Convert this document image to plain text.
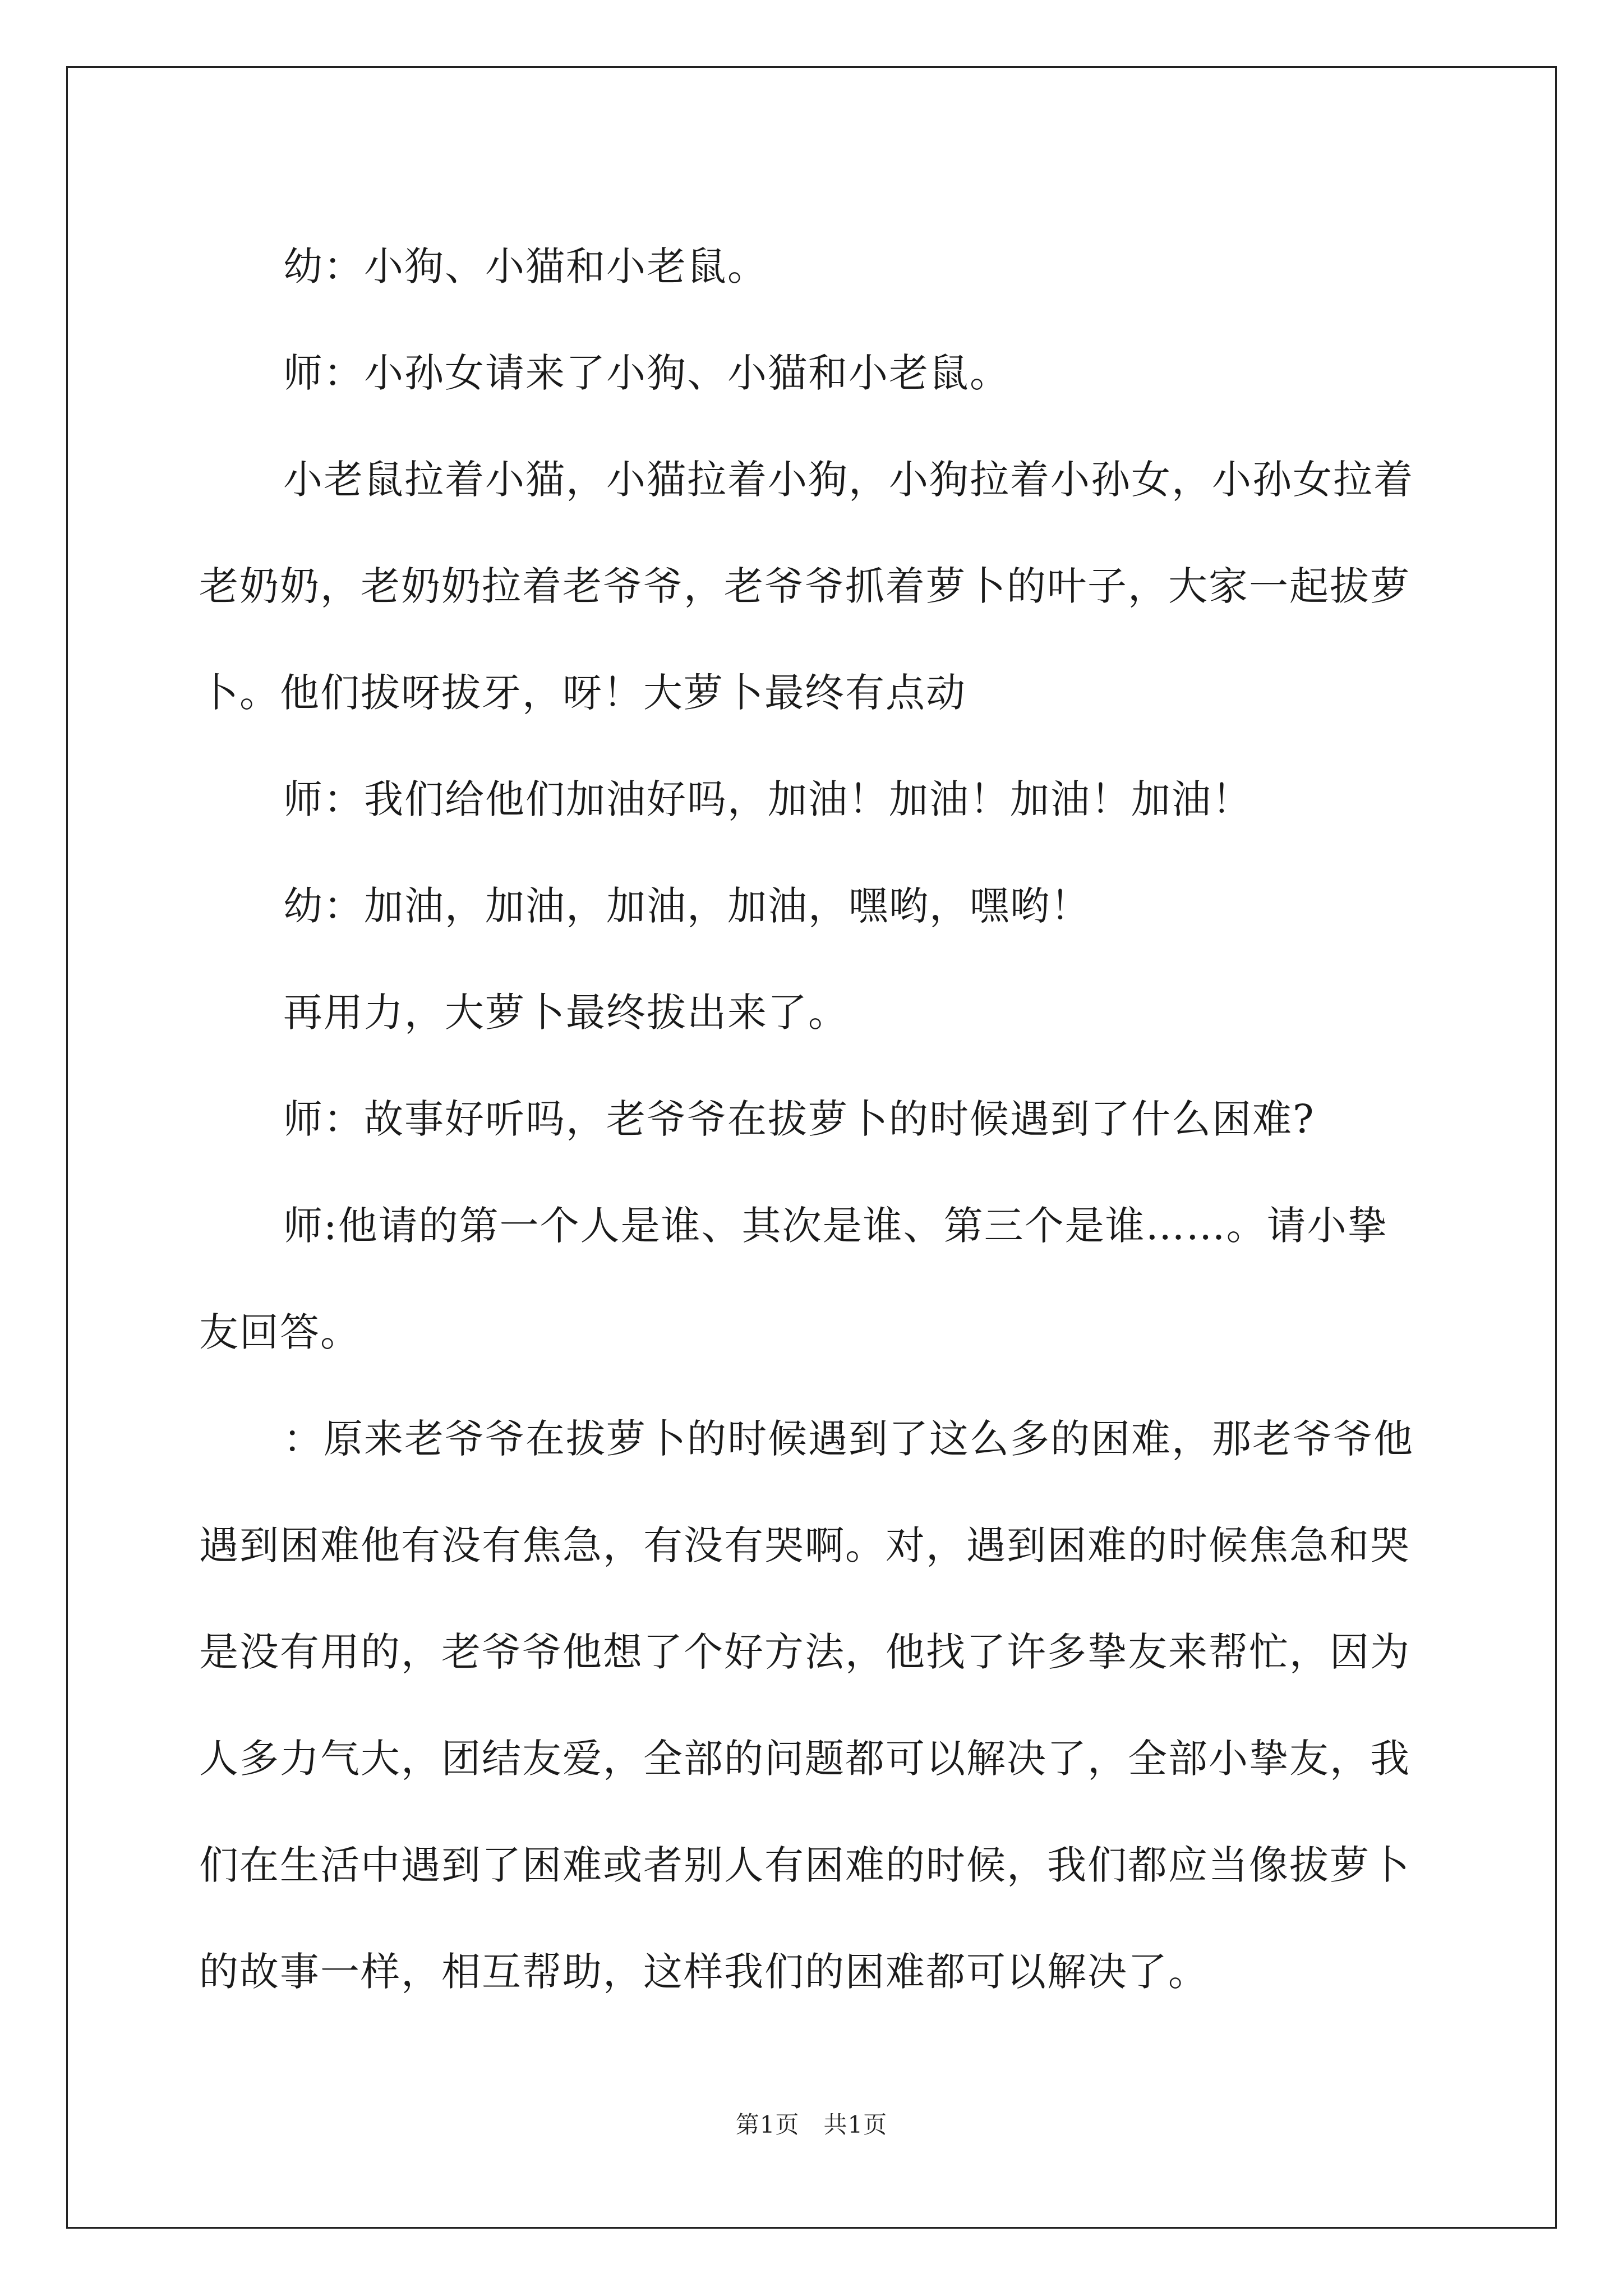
幼：小狗、小猫和小老鼠。

师：小孙女请来了小狗、小猫和小老鼠。

小老鼠拉着小猫，小猫拉着小狗，小狗拉着小孙女，小孙女拉着老奶奶，老奶奶拉着老爷爷，老爷爷抓着萝卜的叶子，大家一起拔萝卜。他们拔呀拔牙，呀！大萝卜最终有点动

师：我们给他们加油好吗，加油！加油！加油！加油！

幼：加油，加油，加油，加油，嘿哟，嘿哟！

再用力，大萝卜最终拔出来了。

师：故事好听吗，老爷爷在拔萝卜的时候遇到了什么困难?

师:他请的第一个人是谁、其次是谁、第三个是谁……。请小挚友回答。

：原来老爷爷在拔萝卜的时候遇到了这么多的困难，那老爷爷他遇到困难他有没有焦急，有没有哭啊。对，遇到困难的时候焦急和哭是没有用的，老爷爷他想了个好方法，他找了许多挚友来帮忙，因为人多力气大，团结友爱，全部的问题都可以解决了，全部小挚友，我们在生活中遇到了困难或者别人有困难的时候，我们都应当像拔萝卜的故事一样，相互帮助，这样我们的困难都可以解决了。

第1页　共1页
